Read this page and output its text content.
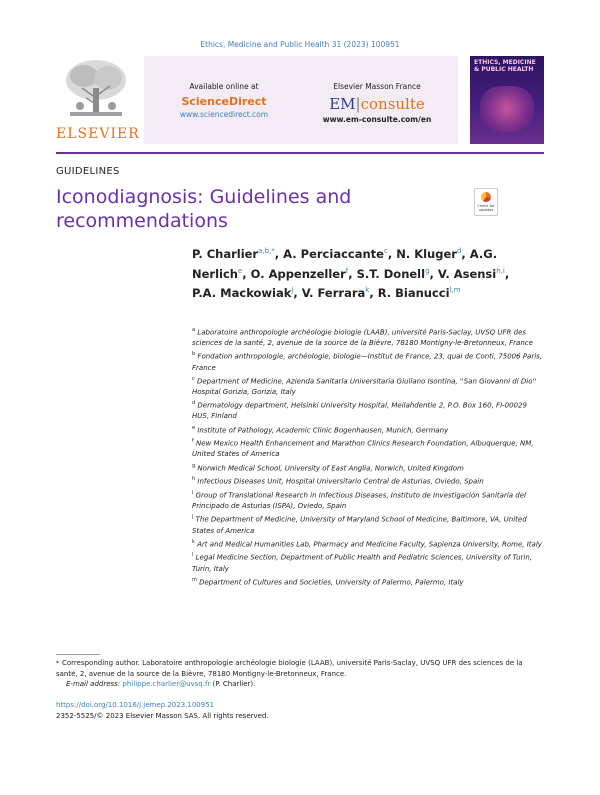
Ethics, Medicine and Public Health 31 (2023) 100951
ELSEVIER
Available online at
ScienceDirect
www.sciencedirect.com
Elsevier Masson France
EM|consulte
www.em-consulte.com/en
ETHICS, MEDICINE & PUBLIC HEALTH
GUIDELINES
Iconodiagnosis: Guidelines and recommendations
Check for updates
P. Charlier$^{a,b,*}$, A. Perciaccante$^c$, N. Kluger$^d$, A.G. Nerlich$^e$, O. Appenzeller$^f$, S.T. Donell$^g$, V. Asensi$^{h,i}$, P.A. Mackowiak$^j$, V. Ferrara$^k$, R. Bianucci$^{l,m}$
$^a$ Laboratoire anthropologie archéologie biologie (LAAB), université Paris-Saclay, UVSQ UFR des sciences de la santé, 2, avenue de la source de la Bièvre, 78180 Montigny-le-Bretonneux, France
$^b$ Fondation anthropologie, archéologie, biologie—Institut de France, 23, quai de Conti, 75006 Paris, France
$^c$ Department of Medicine, Azienda Sanitaria Universitaria Giuliano Isontina, ''San Giovanni di Dio'' Hospital Gorizia, Gorizia, Italy
$^d$ Dermatology department, Helsinki University Hospital, Meilahdentie 2, P.O. Box 160, FI-00029 HUS, Finland
$^e$ Institute of Pathology, Academic Clinic Bogenhausen, Munich, Germany
$^f$ New Mexico Health Enhancement and Marathon Clinics Research Foundation, Albuquerque, NM, United States of America
$^g$ Norwich Medical School, University of East Anglia, Norwich, United Kingdom
$^h$ Infectious Diseases Unit, Hospital Universitario Central de Asturias, Oviedo, Spain
$^i$ Group of Translational Research in Infectious Diseases, Instituto de Investigación Sanitaria del Principado de Asturias (ISPA), Oviedo, Spain
$^j$ The Department of Medicine, University of Maryland School of Medicine, Baltimore, VA, United States of America
$^k$ Art and Medical Humanities Lab, Pharmacy and Medicine Faculty, Sapienza University, Rome, Italy
$^l$ Legal Medicine Section, Department of Public Health and Pediatric Sciences, University of Turin, Turin, Italy
$^m$ Department of Cultures and Societies, University of Palermo, Palermo, Italy
* Corresponding author. Laboratoire anthropologie archéologie biologie (LAAB), université Paris-Saclay, UVSQ UFR des sciences de la santé, 2, avenue de la source de la Bièvre, 78180 Montigny-le-Bretonneux, France.
E-mail address: philippe.charlier@uvsq.fr (P. Charlier).
https://doi.org/10.1016/j.jemep.2023.100951
2352-5525/© 2023 Elsevier Masson SAS. All rights reserved.
